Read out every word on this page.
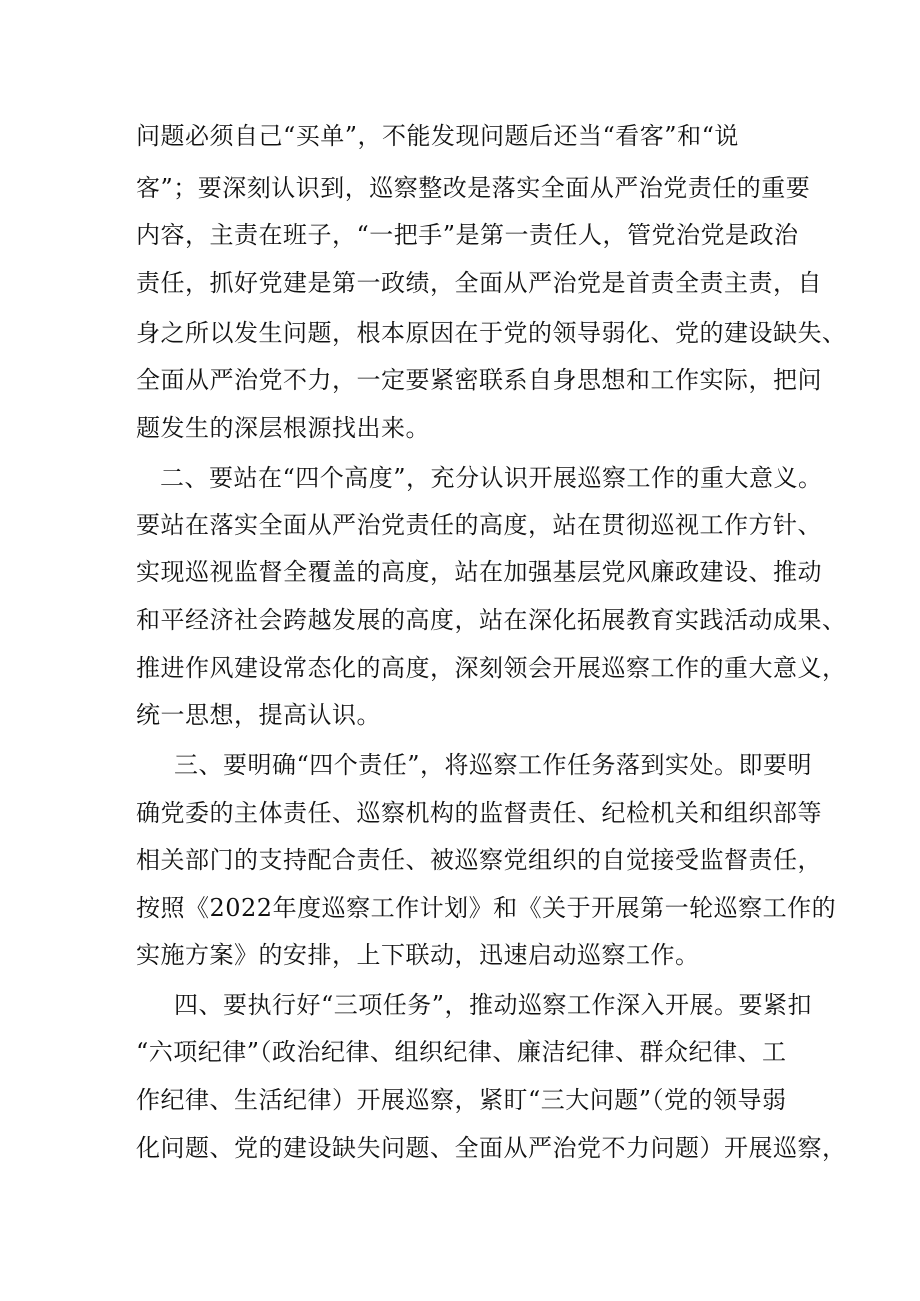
问题必须自己“买单”，不能发现问题后还当“看客”和“说
客”；要深刻认识到，巡察整改是落实全面从严治党责任的重要
内容，主责在班子，“一把手”是第一责任人，管党治党是政治
责任，抓好党建是第一政绩，全面从严治党是首责全责主责，自
身之所以发生问题，根本原因在于党的领导弱化、党的建设缺失、
全面从严治党不力，一定要紧密联系自身思想和工作实际，把问
题发生的深层根源找出来。
二、要站在“四个高度”，充分认识开展巡察工作的重大意义。
要站在落实全面从严治党责任的高度，站在贯彻巡视工作方针、
实现巡视监督全覆盖的高度，站在加强基层党风廉政建设、推动
和平经济社会跨越发展的高度，站在深化拓展教育实践活动成果、
推进作风建设常态化的高度，深刻领会开展巡察工作的重大意义，
统一思想，提高认识。
三、要明确“四个责任”，将巡察工作任务落到实处。即要明
确党委的主体责任、巡察机构的监督责任、纪检机关和组织部等
相关部门的支持配合责任、被巡察党组织的自觉接受监督责任，
按照《2022年度巡察工作计划》和《关于开展第一轮巡察工作的
实施方案》的安排，上下联动，迅速启动巡察工作。
四、要执行好“三项任务”，推动巡察工作深入开展。要紧扣
“六项纪律”（政治纪律、组织纪律、廉洁纪律、群众纪律、工
作纪律、生活纪律）开展巡察，紧盯“三大问题”（党的领导弱
化问题、党的建设缺失问题、全面从严治党不力问题）开展巡察，
